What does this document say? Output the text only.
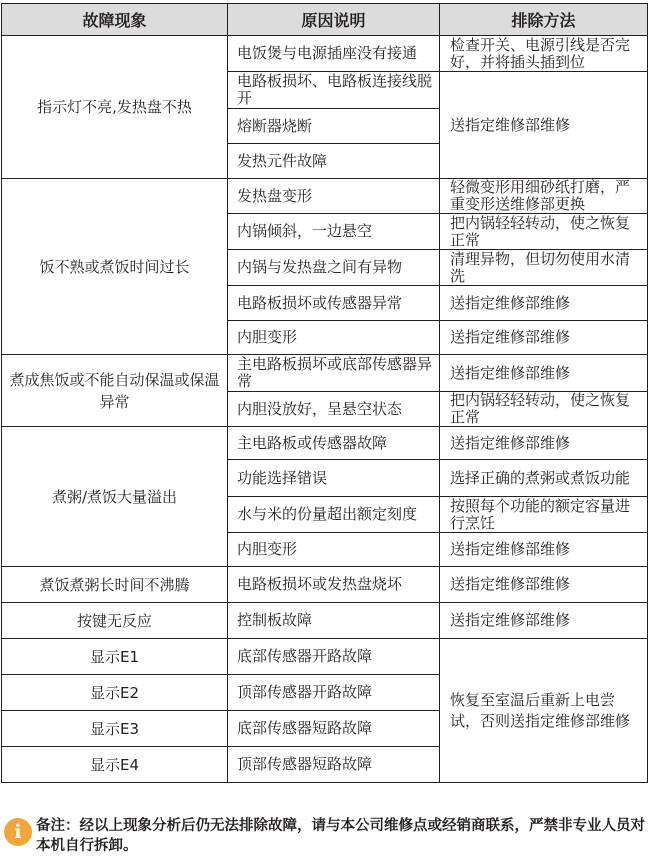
故障现象	原因说明	排除方法
指示灯不亮,发热盘不热	电饭煲与电源插座没有接通	检查开关、电源引线是否完好，并将插头插到位
	电路板损坏、电路板连接线脱开	送指定维修部维修
	熔断器烧断	
	发热元件故障	
饭不熟或煮饭时间过长	发热盘变形	轻微变形用细砂纸打磨，严重变形送维修部更换
	内锅倾斜，一边悬空	把内锅轻轻转动，使之恢复正常
	内锅与发热盘之间有异物	清理异物，但切勿使用水清洗
	电路板损坏或传感器异常	送指定维修部维修
	内胆变形	送指定维修部维修
煮成焦饭或不能自动保温或保温异常	主电路板损坏或底部传感器异常	送指定维修部维修
	内胆没放好，呈悬空状态	把内锅轻轻转动，使之恢复正常
煮粥/煮饭大量溢出	主电路板或传感器故障	送指定维修部维修
	功能选择错误	选择正确的煮粥或煮饭功能
	水与米的份量超出额定刻度	按照每个功能的额定容量进行烹饪
	内胆变形	送指定维修部维修
煮饭煮粥长时间不沸腾	电路板损坏或发热盘烧坏	送指定维修部维修
按键无反应	控制板故障	送指定维修部维修
显示E1	底部传感器开路故障	恢复至室温后重新上电尝试，否则送指定维修部维修
显示E2	顶部传感器开路故障	
显示E3	底部传感器短路故障	
显示E4	顶部传感器短路故障	
i 备注：经以上现象分析后仍无法排除故障，请与本公司维修点或经销商联系，严禁非专业人员对本机自行拆卸。
